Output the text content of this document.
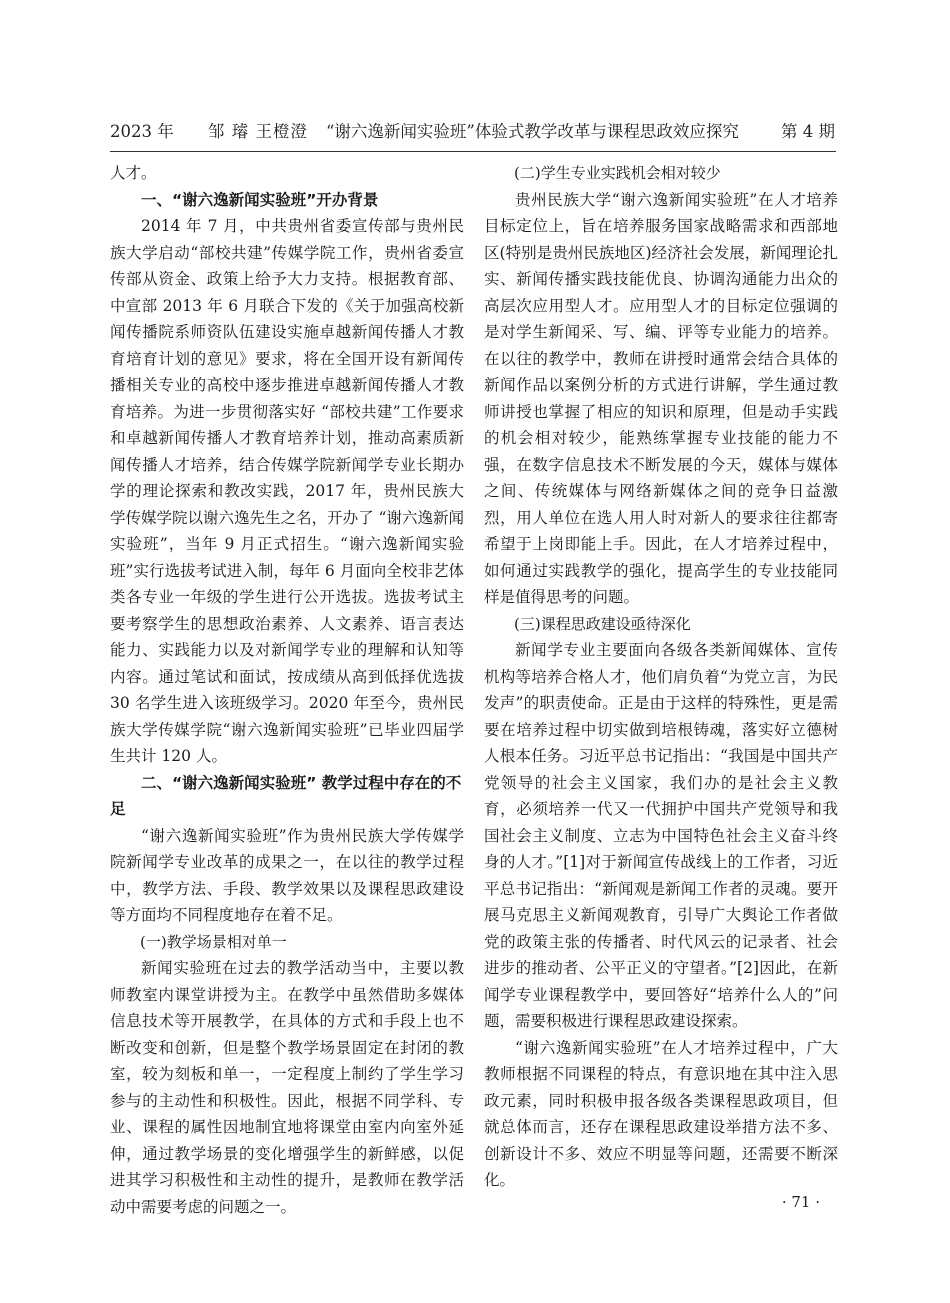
2023 年 邹 璿 王橙澄 “谢六逸新闻实验班”体验式教学改革与课程思政效应探究	第 4 期

人才。

一、“谢六逸新闻实验班”开办背景

2014 年 7 月，中共贵州省委宣传部与贵州民族大学启动“部校共建”传媒学院工作，贵州省委宣传部从资金、政策上给予大力支持。根据教育部、中宣部 2013 年 6 月联合下发的《关于加强高校新闻传播院系师资队伍建设实施卓越新闻传播人才教育培育计划的意见》要求，将在全国开设有新闻传播相关专业的高校中逐步推进卓越新闻传播人才教育培养。为进一步贯彻落实好 “部校共建”工作要求和卓越新闻传播人才教育培养计划，推动高素质新闻传播人才培养，结合传媒学院新闻学专业长期办学的理论探索和教改实践，2017 年，贵州民族大学传媒学院以谢六逸先生之名，开办了 “谢六逸新闻实验班”，当年 9 月正式招生。“谢六逸新闻实验班”实行选拔考试进入制，每年 6 月面向全校非艺体类各专业一年级的学生进行公开选拔。选拔考试主要考察学生的思想政治素养、人文素养、语言表达能力、实践能力以及对新闻学专业的理解和认知等内容。通过笔试和面试，按成绩从高到低择优选拔 30 名学生进入该班级学习。2020 年至今，贵州民族大学传媒学院“谢六逸新闻实验班”已毕业四届学生共计 120 人。

二、“谢六逸新闻实验班” 教学过程中存在的不足

“谢六逸新闻实验班”作为贵州民族大学传媒学院新闻学专业改革的成果之一，在以往的教学过程中，教学方法、手段、教学效果以及课程思政建设等方面均不同程度地存在着不足。

(一)教学场景相对单一

新闻实验班在过去的教学活动当中，主要以教师教室内课堂讲授为主。在教学中虽然借助多媒体信息技术等开展教学，在具体的方式和手段上也不断改变和创新，但是整个教学场景固定在封闭的教室，较为刻板和单一，一定程度上制约了学生学习参与的主动性和积极性。因此，根据不同学科、专业、课程的属性因地制宜地将课堂由室内向室外延伸，通过教学场景的变化增强学生的新鲜感，以促进其学习积极性和主动性的提升，是教师在教学活动中需要考虑的问题之一。

(二)学生专业实践机会相对较少

贵州民族大学“谢六逸新闻实验班”在人才培养目标定位上，旨在培养服务国家战略需求和西部地区(特别是贵州民族地区)经济社会发展，新闻理论扎实、新闻传播实践技能优良、协调沟通能力出众的高层次应用型人才。应用型人才的目标定位强调的是对学生新闻采、写、编、评等专业能力的培养。在以往的教学中，教师在讲授时通常会结合具体的新闻作品以案例分析的方式进行讲解，学生通过教师讲授也掌握了相应的知识和原理，但是动手实践的机会相对较少，能熟练掌握专业技能的能力不强，在数字信息技术不断发展的今天，媒体与媒体之间、传统媒体与网络新媒体之间的竞争日益激烈，用人单位在选人用人时对新人的要求往往都寄希望于上岗即能上手。因此，在人才培养过程中，如何通过实践教学的强化，提高学生的专业技能同样是值得思考的问题。

(三)课程思政建设亟待深化

新闻学专业主要面向各级各类新闻媒体、宣传机构等培养合格人才，他们肩负着“为党立言，为民发声”的职责使命。正是由于这样的特殊性，更是需要在培养过程中切实做到培根铸魂，落实好立德树人根本任务。习近平总书记指出：“我国是中国共产党领导的社会主义国家，我们办的是社会主义教育，必须培养一代又一代拥护中国共产党领导和我国社会主义制度、立志为中国特色社会主义奋斗终身的人才。”[1]对于新闻宣传战线上的工作者，习近平总书记指出：“新闻观是新闻工作者的灵魂。要开展马克思主义新闻观教育，引导广大舆论工作者做党的政策主张的传播者、时代风云的记录者、社会进步的推动者、公平正义的守望者。”[2]因此，在新闻学专业课程教学中，要回答好“培养什么人的”问题，需要积极进行课程思政建设探索。

“谢六逸新闻实验班”在人才培养过程中，广大教师根据不同课程的特点，有意识地在其中注入思政元素，同时积极申报各级各类课程思政项目，但就总体而言，还存在课程思政建设举措方法不多、创新设计不多、效应不明显等问题，还需要不断深化。

· 71 ·
